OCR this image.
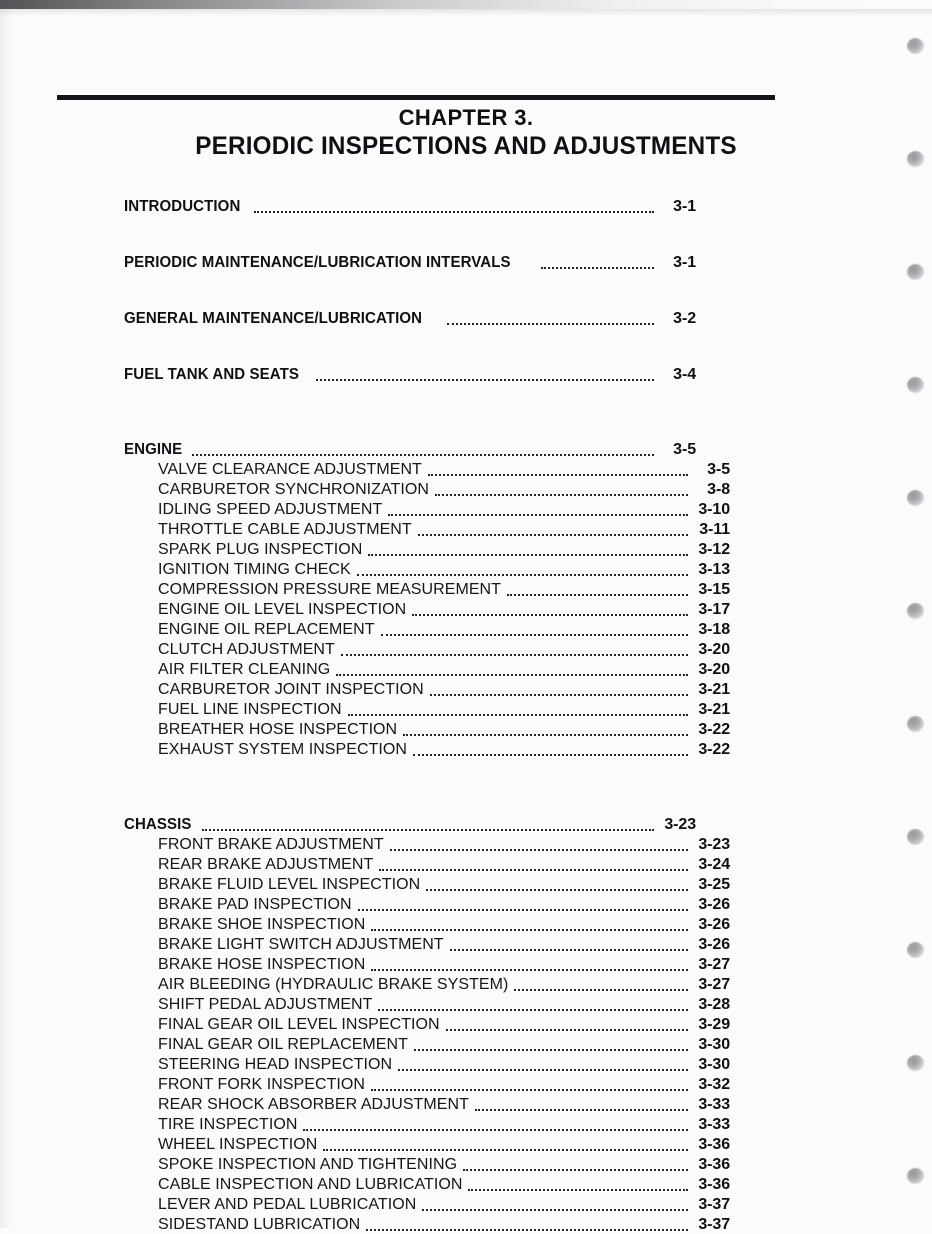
CHAPTER 3.
PERIODIC INSPECTIONS AND ADJUSTMENTS
INTRODUCTION	3-1
PERIODIC MAINTENANCE/LUBRICATION INTERVALS	3-1
GENERAL MAINTENANCE/LUBRICATION	3-2
FUEL TANK AND SEATS	3-4
ENGINE	3-5
VALVE CLEARANCE ADJUSTMENT	3-5
CARBURETOR SYNCHRONIZATION	3-8
IDLING SPEED ADJUSTMENT	3-10
THROTTLE CABLE ADJUSTMENT	3-11
SPARK PLUG INSPECTION	3-12
IGNITION TIMING CHECK	3-13
COMPRESSION PRESSURE MEASUREMENT	3-15
ENGINE OIL LEVEL INSPECTION	3-17
ENGINE OIL REPLACEMENT	3-18
CLUTCH ADJUSTMENT	3-20
AIR FILTER CLEANING	3-20
CARBURETOR JOINT INSPECTION	3-21
FUEL LINE INSPECTION	3-21
BREATHER HOSE INSPECTION	3-22
EXHAUST SYSTEM INSPECTION	3-22
CHASSIS	3-23
FRONT BRAKE ADJUSTMENT	3-23
REAR BRAKE ADJUSTMENT	3-24
BRAKE FLUID LEVEL INSPECTION	3-25
BRAKE PAD INSPECTION	3-26
BRAKE SHOE INSPECTION	3-26
BRAKE LIGHT SWITCH ADJUSTMENT	3-26
BRAKE HOSE INSPECTION	3-27
AIR BLEEDING (HYDRAULIC BRAKE SYSTEM)	3-27
SHIFT PEDAL ADJUSTMENT	3-28
FINAL GEAR OIL LEVEL INSPECTION	3-29
FINAL GEAR OIL REPLACEMENT	3-30
STEERING HEAD INSPECTION	3-30
FRONT FORK INSPECTION	3-32
REAR SHOCK ABSORBER ADJUSTMENT	3-33
TIRE INSPECTION	3-33
WHEEL INSPECTION	3-36
SPOKE INSPECTION AND TIGHTENING	3-36
CABLE INSPECTION AND LUBRICATION	3-36
LEVER AND PEDAL LUBRICATION	3-37
SIDESTAND LUBRICATION	3-37
